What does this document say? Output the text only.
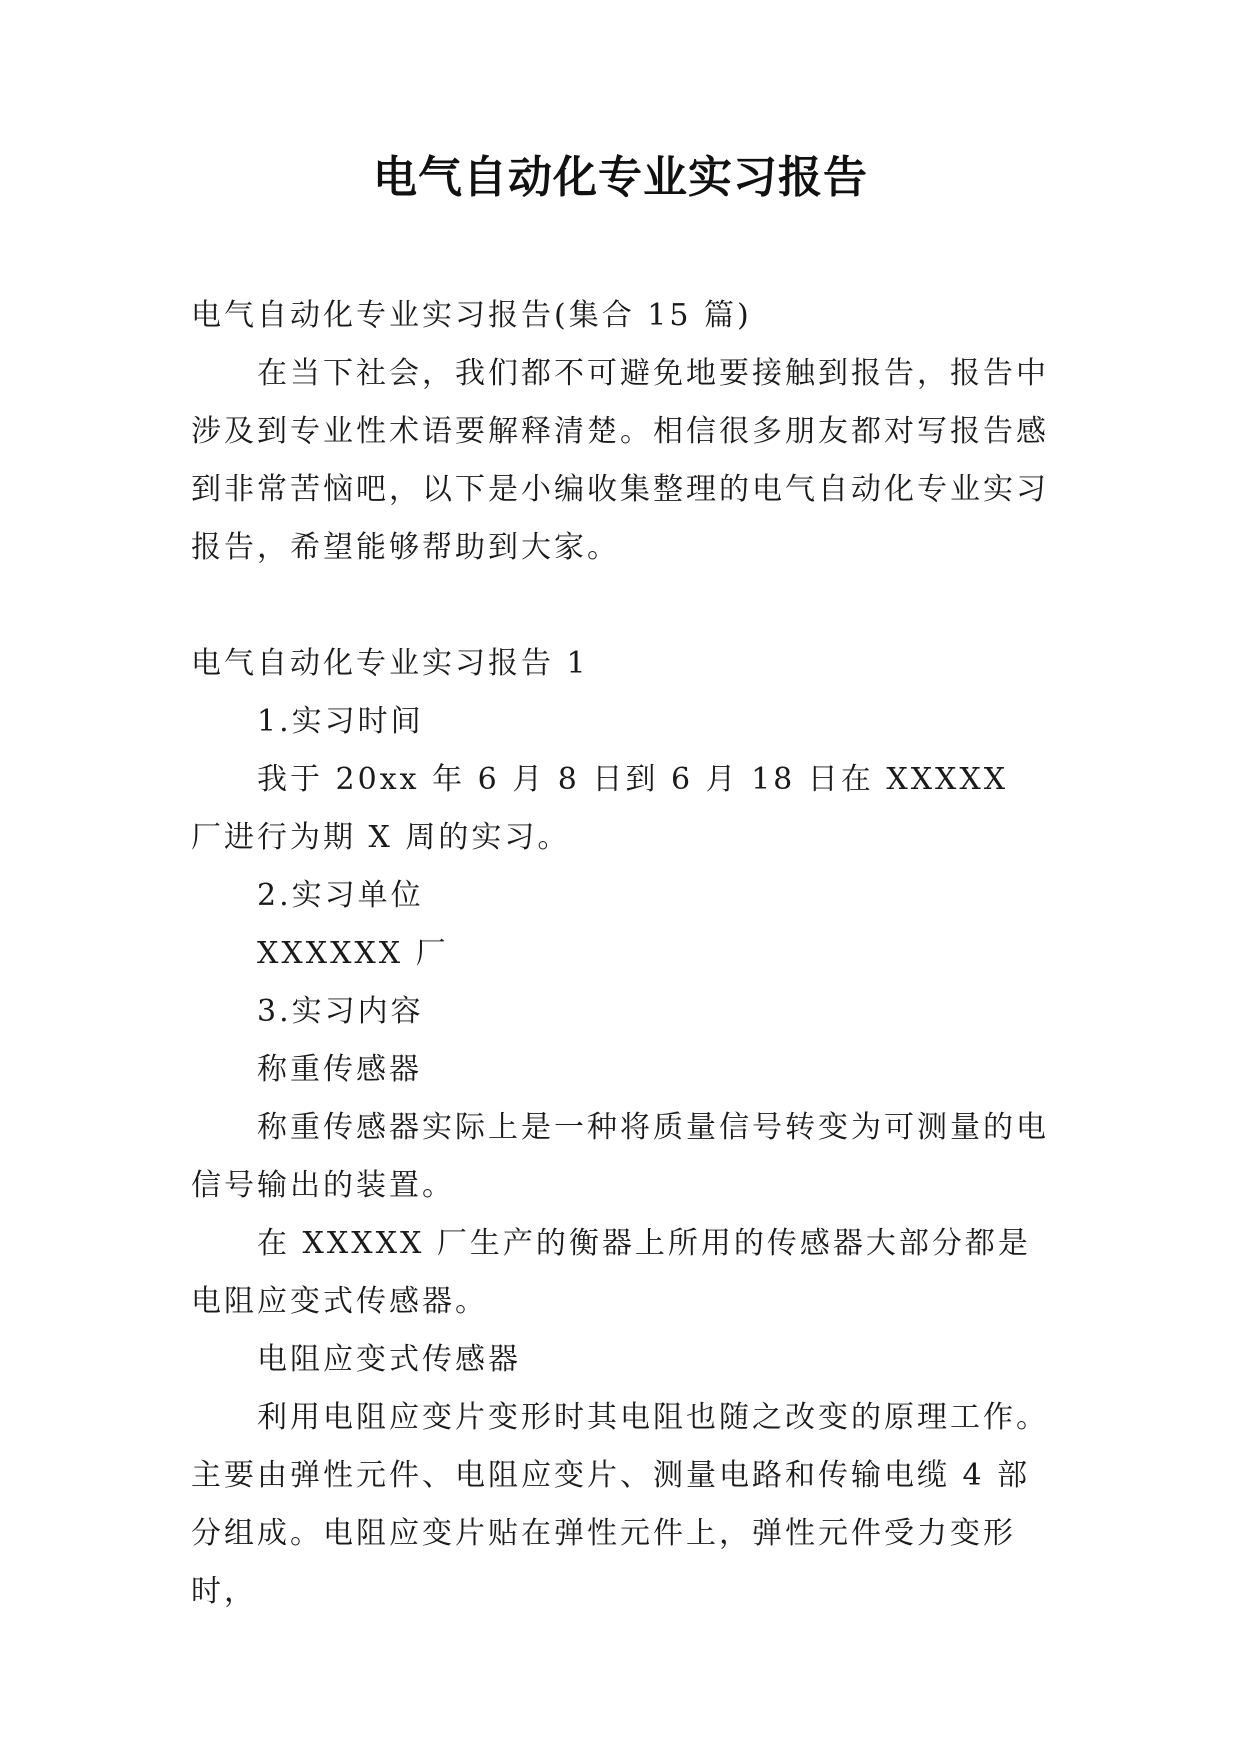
电气自动化专业实习报告

电气自动化专业实习报告(集合 15 篇)

在当下社会，我们都不可避免地要接触到报告，报告中涉及到专业性术语要解释清楚。相信很多朋友都对写报告感到非常苦恼吧，以下是小编收集整理的电气自动化专业实习报告，希望能够帮助到大家。

电气自动化专业实习报告 1

1.实习时间

我于 20xx 年 6 月 8 日到 6 月 18 日在 XXXXX 厂进行为期 X 周的实习。

2.实习单位

XXXXXX 厂

3.实习内容

称重传感器

称重传感器实际上是一种将质量信号转变为可测量的电信号输出的装置。

在 XXXXX 厂生产的衡器上所用的传感器大部分都是电阻应变式传感器。

电阻应变式传感器

利用电阻应变片变形时其电阻也随之改变的原理工作。主要由弹性元件、电阻应变片、测量电路和传输电缆 4 部分组成。电阻应变片贴在弹性元件上，弹性元件受力变形时，
